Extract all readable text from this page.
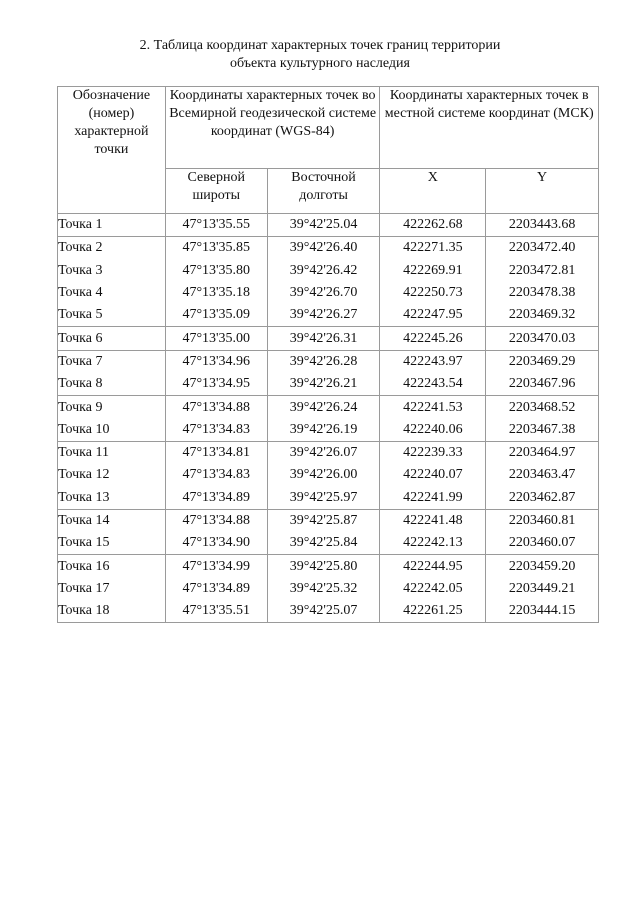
2. Таблица координат характерных точек границ территории
объекта культурного наследия
Обозначение (номер) характерной точки	Координаты характерных точек во Всемирной геодезической системе координат (WGS-84)		Координаты характерных точек в местной системе координат (МСК)	
	Северной широты	Восточной долготы	X	Y
Точка 1	47°13'35.55	39°42'25.04	422262.68	2203443.68
Точка 2	47°13'35.85	39°42'26.40	422271.35	2203472.40
Точка 3	47°13'35.80	39°42'26.42	422269.91	2203472.81
Точка 4	47°13'35.18	39°42'26.70	422250.73	2203478.38
Точка 5	47°13'35.09	39°42'26.27	422247.95	2203469.32
Точка 6	47°13'35.00	39°42'26.31	422245.26	2203470.03
Точка 7	47°13'34.96	39°42'26.28	422243.97	2203469.29
Точка 8	47°13'34.95	39°42'26.21	422243.54	2203467.96
Точка 9	47°13'34.88	39°42'26.24	422241.53	2203468.52
Точка 10	47°13'34.83	39°42'26.19	422240.06	2203467.38
Точка 11	47°13'34.81	39°42'26.07	422239.33	2203464.97
Точка 12	47°13'34.83	39°42'26.00	422240.07	2203463.47
Точка 13	47°13'34.89	39°42'25.97	422241.99	2203462.87
Точка 14	47°13'34.88	39°42'25.87	422241.48	2203460.81
Точка 15	47°13'34.90	39°42'25.84	422242.13	2203460.07
Точка 16	47°13'34.99	39°42'25.80	422244.95	2203459.20
Точка 17	47°13'34.89	39°42'25.32	422242.05	2203449.21
Точка 18	47°13'35.51	39°42'25.07	422261.25	2203444.15
